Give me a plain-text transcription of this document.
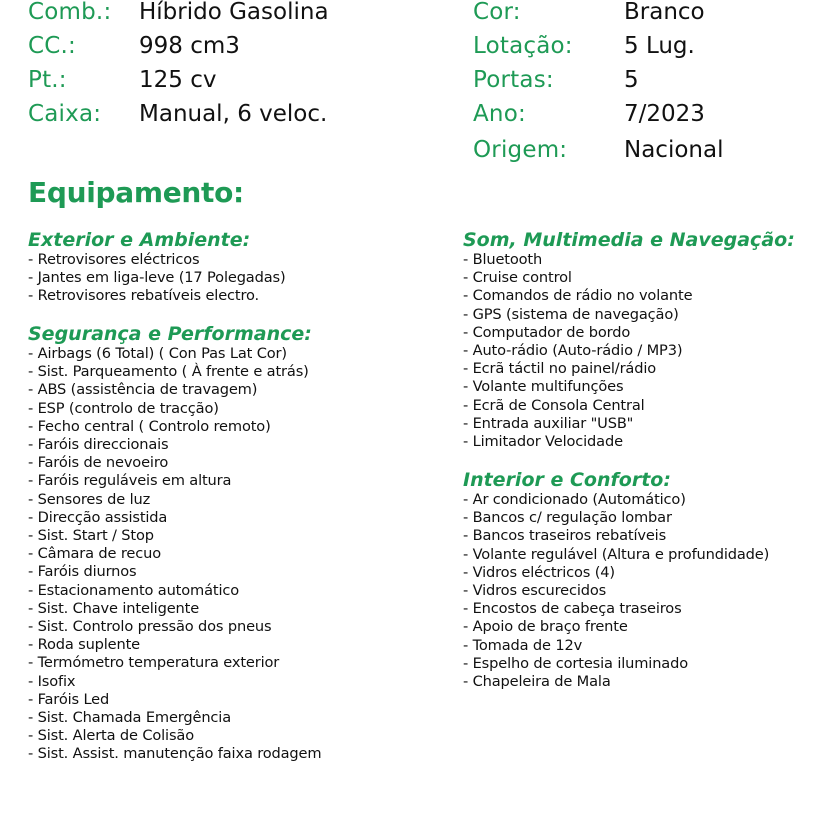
Comb.: Híbrido Gasolina
CC.:	998 cm3
Pt.:	125 cv
Caixa: Manual, 6 veloc.
Cor:	Branco
Lotação: 5 Lug.
Portas:	5
Ano:	7/2023
Origem: Nacional
Equipamento:
Exterior e Ambiente:
- Retrovisores eléctricos
- Jantes em liga-leve (17 Polegadas)
- Retrovisores rebatíveis electro.
Segurança e Performance:
- Airbags (6 Total) ( Con Pas Lat Cor)
- Sist. Parqueamento ( À frente e atrás)
- ABS (assistência de travagem)
- ESP (controlo de tracção)
- Fecho central ( Controlo remoto)
- Faróis direccionais
- Faróis de nevoeiro
- Faróis reguláveis em altura
- Sensores de luz
- Direcção assistida
- Sist. Start / Stop
- Câmara de recuo
- Faróis diurnos
- Estacionamento automático
- Sist. Chave inteligente
- Sist. Controlo pressão dos pneus
- Roda suplente
- Termómetro temperatura exterior
- Isofix
- Faróis Led
- Sist. Chamada Emergência
- Sist. Alerta de Colisão
- Sist. Assist. manutenção faixa rodagem
Som, Multimedia e Navegação:
- Bluetooth
- Cruise control
- Comandos de rádio no volante
- GPS (sistema de navegação)
- Computador de bordo
- Auto-rádio (Auto-rádio / MP3)
- Ecrã táctil no painel/rádio
- Volante multifunções
- Ecrã de Consola Central
- Entrada auxiliar "USB"
- Limitador Velocidade
Interior e Conforto:
- Ar condicionado (Automático)
- Bancos c/ regulação lombar
- Bancos traseiros rebatíveis
- Volante regulável (Altura e profundidade)
- Vidros eléctricos (4)
- Vidros escurecidos
- Encostos de cabeça traseiros
- Apoio de braço frente
- Tomada de 12v
- Espelho de cortesia iluminado
- Chapeleira de Mala
